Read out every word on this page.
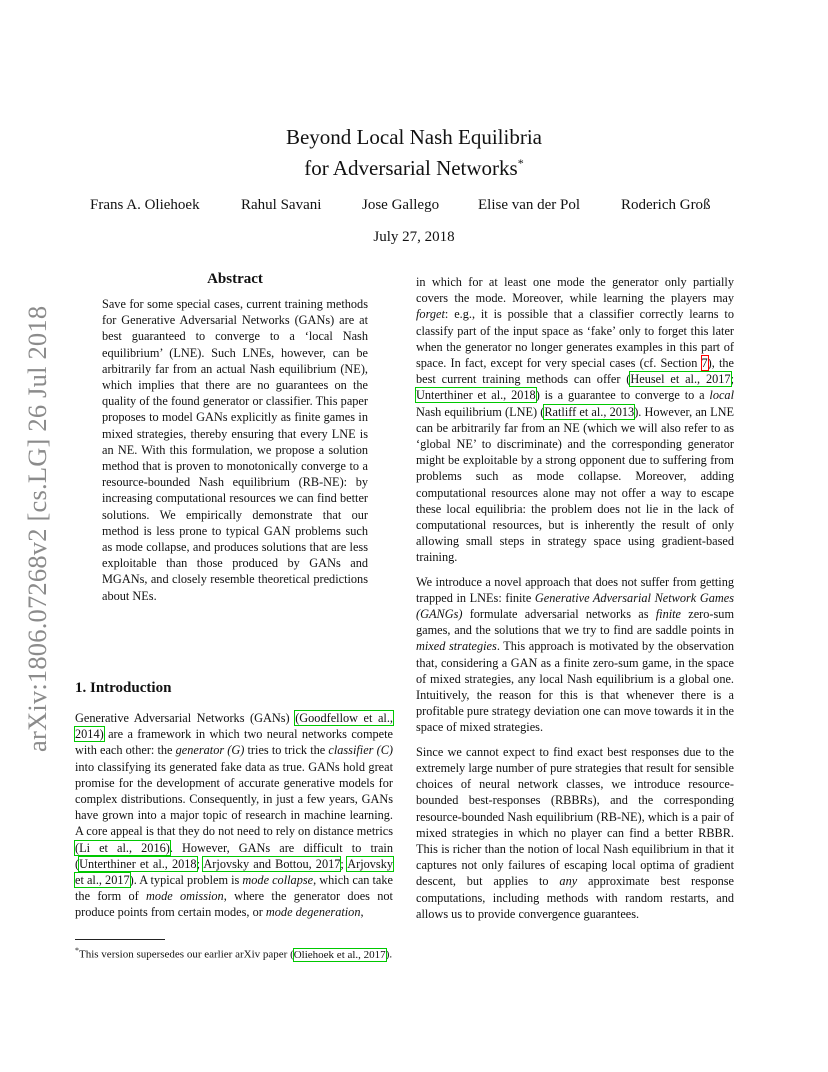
arXiv:1806.07268v2 [cs.LG] 26 Jul 2018
Beyond Local Nash Equilibria
for Adversarial Networks*
Frans A. Oliehoek	Rahul Savani	Jose Gallego	Elise van der Pol	Roderich Groß
July 27, 2018
Abstract
Save for some special cases, current training methods for Generative Adversarial Networks (GANs) are at best guaranteed to converge to a ‘local Nash equilibrium’ (LNE). Such LNEs, however, can be arbitrarily far from an actual Nash equilibrium (NE), which implies that there are no guarantees on the quality of the found generator or classifier. This paper proposes to model GANs explicitly as finite games in mixed strategies, thereby ensuring that every LNE is an NE. With this formulation, we propose a solution method that is proven to monotonically converge to a resource-bounded Nash equilibrium (RB-NE): by increasing computational resources we can find better solutions. We empirically demonstrate that our method is less prone to typical GAN problems such as mode collapse, and produces solutions that are less exploitable than those produced by GANs and MGANs, and closely resemble theoretical predictions about NEs.
1. Introduction
Generative Adversarial Networks (GANs) (Goodfellow et al., 2014) are a framework in which two neural networks compete with each other: the generator (G) tries to trick the classifier (C) into classifying its generated fake data as true. GANs hold great promise for the development of accurate generative models for complex distributions. Consequently, in just a few years, GANs have grown into a major topic of research in machine learning. A core appeal is that they do not need to rely on distance metrics (Li et al., 2016). However, GANs are difficult to train (Unterthiner et al., 2018; Arjovsky and Bottou, 2017; Arjovsky et al., 2017). A typical problem is mode collapse, which can take the form of mode omission, where the generator does not produce points from certain modes, or mode degeneration,
*This version supersedes our earlier arXiv paper (Oliehoek et al., 2017).

in which for at least one mode the generator only partially covers the mode. Moreover, while learning the players may forget: e.g., it is possible that a classifier correctly learns to classify part of the input space as ‘fake’ only to forget this later when the generator no longer generates examples in this part of space. In fact, except for very special cases (cf. Section 7), the best current training methods can offer (Heusel et al., 2017; Unterthiner et al., 2018) is a guarantee to converge to a local Nash equilibrium (LNE) (Ratliff et al., 2013). However, an LNE can be arbitrarily far from an NE (which we will also refer to as ‘global NE’ to discriminate) and the corresponding generator might be exploitable by a strong opponent due to suffering from problems such as mode collapse. Moreover, adding computational resources alone may not offer a way to escape these local equilibria: the problem does not lie in the lack of computational resources, but is inherently the result of only allowing small steps in strategy space using gradient-based training.

We introduce a novel approach that does not suffer from getting trapped in LNEs: finite Generative Adversarial Network Games (GANGs) formulate adversarial networks as finite zero-sum games, and the solutions that we try to find are saddle points in mixed strategies. This approach is motivated by the observation that, considering a GAN as a finite zero-sum game, in the space of mixed strategies, any local Nash equilibrium is a global one. Intuitively, the reason for this is that whenever there is a profitable pure strategy deviation one can move towards it in the space of mixed strategies.

Since we cannot expect to find exact best responses due to the extremely large number of pure strategies that result for sensible choices of neural network classes, we introduce resource-bounded best-responses (RBBRs), and the corresponding resource-bounded Nash equilibrium (RB-NE), which is a pair of mixed strategies in which no player can find a better RBBR. This is richer than the notion of local Nash equilibrium in that it captures not only failures of escaping local optima of gradient descent, but applies to any approximate best response computations, including methods with random restarts, and allows us to provide convergence guarantees.
